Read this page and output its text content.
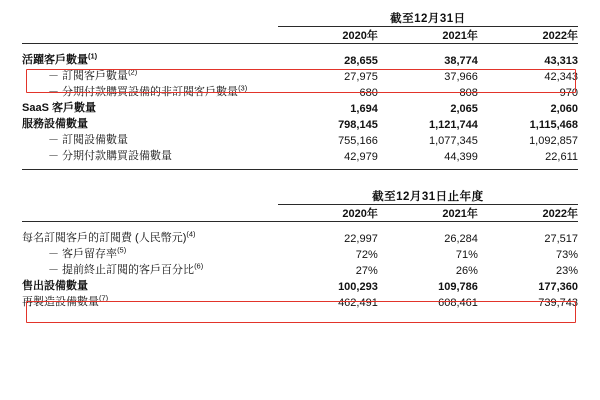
	截至12月31日		

	2020年	2021年	2022年

活躍客戶數量$^{(1)}$	28,655	38,774	43,313
－ 訂閱客戶數量$^{(2)}$	27,975	37,966	42,343
－ 分期付款購買設備的非訂閱客戶數量$^{(3)}$	680	808	970
SaaS 客戶數量	1,694	2,065	2,060
服務設備數量	798,145	1,121,744	1,115,468
－ 訂閱設備數量	755,166	1,077,345	1,092,857
－ 分期付款購買設備數量	42,979	44,399	22,611

	截至12月31日止年度		

	2020年	2021年	2022年

每名訂閱客戶的訂閱費 (人民幣元)$^{(4)}$	22,997	26,284	27,517
－ 客戶留存率$^{(5)}$	72%	71%	73%
－ 提前終止訂閱的客戶百分比$^{(6)}$	27%	26%	23%
售出設備數量	100,293	109,786	177,360
再製造設備數量$^{(7)}$	462,491	608,461	739,743
